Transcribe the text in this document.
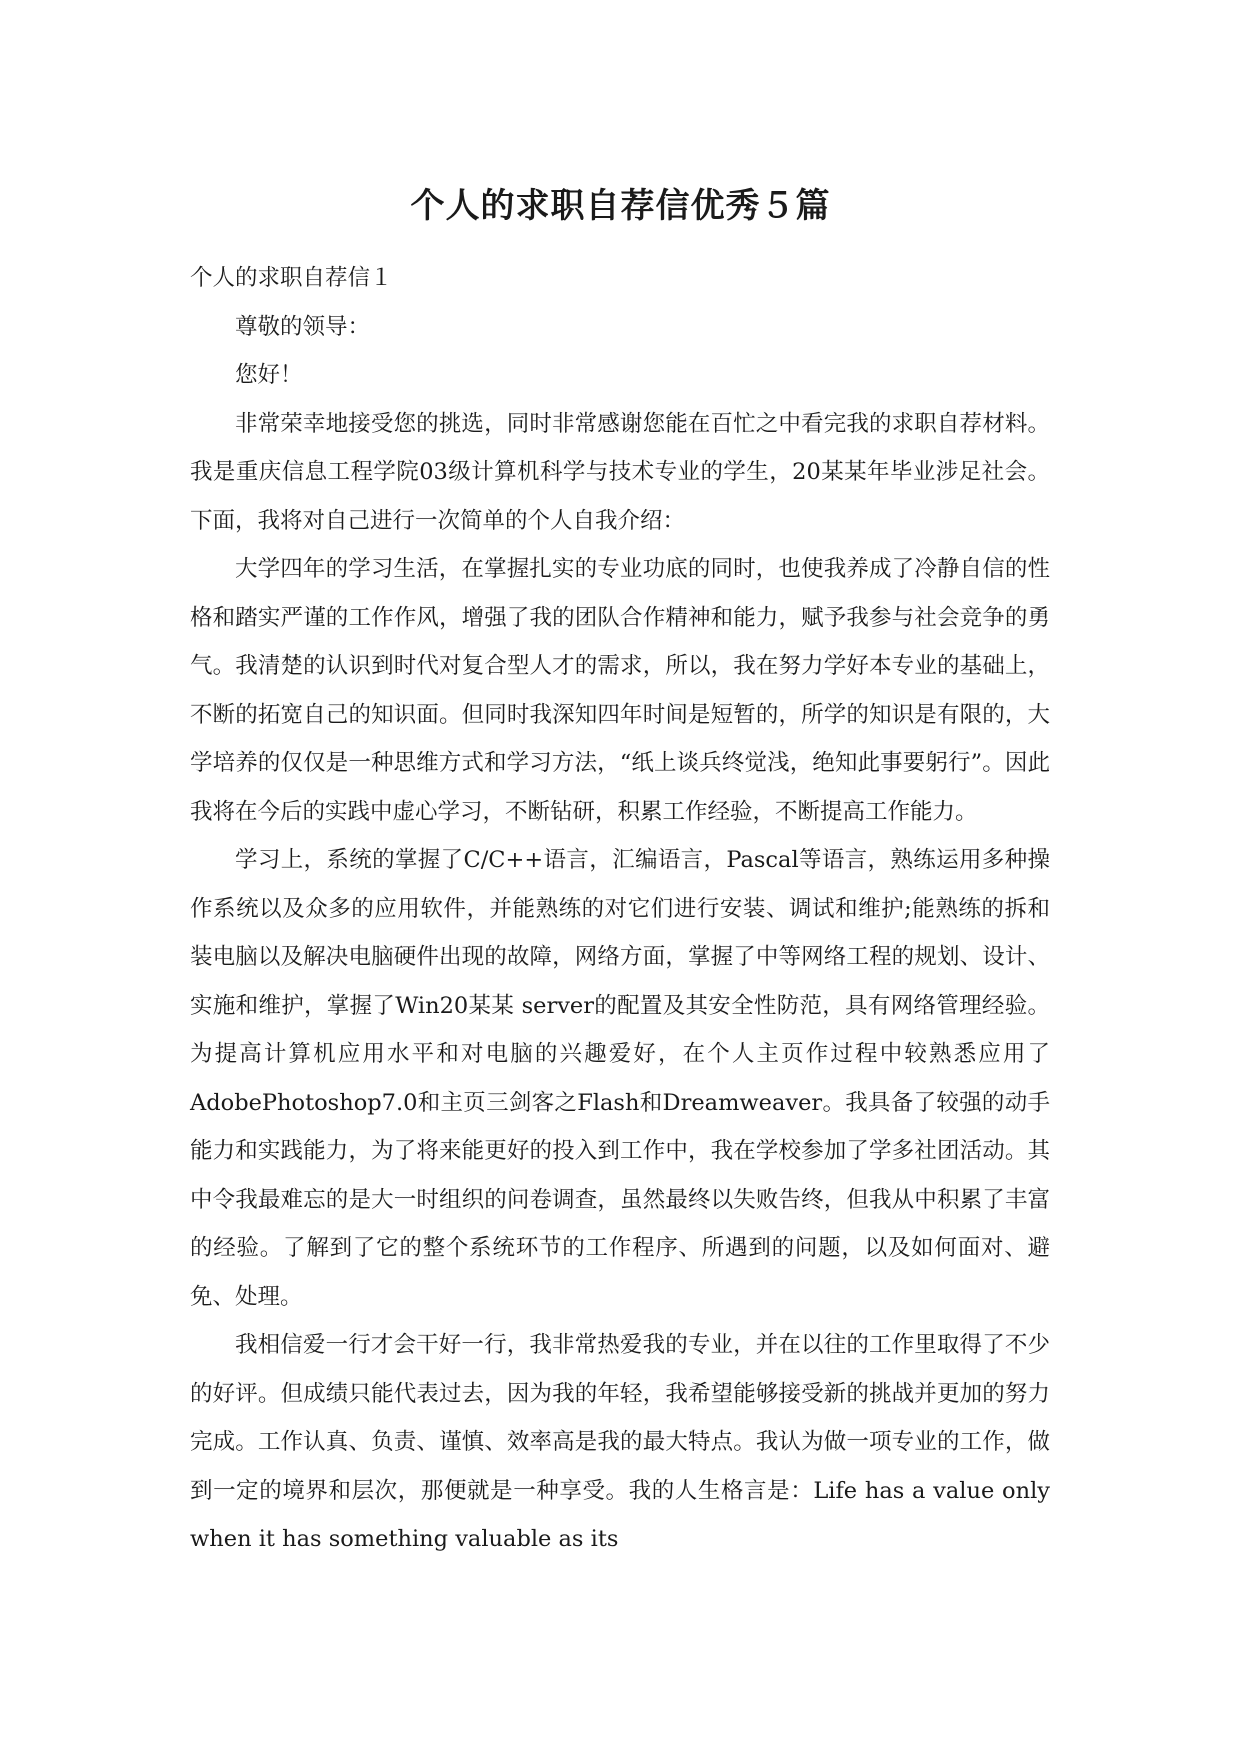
个人的求职自荐信优秀５篇

个人的求职自荐信１

尊敬的领导：

您好！

非常荣幸地接受您的挑选，同时非常感谢您能在百忙之中看完我的求职自荐材料。我是重庆信息工程学院03级计算机科学与技术专业的学生，20某某年毕业涉足社会。下面，我将对自己进行一次简单的个人自我介绍：

大学四年的学习生活，在掌握扎实的专业功底的同时，也使我养成了冷静自信的性格和踏实严谨的工作作风，增强了我的团队合作精神和能力，赋予我参与社会竞争的勇气。我清楚的认识到时代对复合型人才的需求，所以，我在努力学好本专业的基础上，不断的拓宽自己的知识面。但同时我深知四年时间是短暂的，所学的知识是有限的，大学培养的仅仅是一种思维方式和学习方法，“纸上谈兵终觉浅，绝知此事要躬行”。因此我将在今后的实践中虚心学习，不断钻研，积累工作经验，不断提高工作能力。

学习上，系统的掌握了C/C++语言，汇编语言，Pascal等语言，熟练运用多种操作系统以及众多的应用软件，并能熟练的对它们进行安装、调试和维护;能熟练的拆和装电脑以及解决电脑硬件出现的故障，网络方面，掌握了中等网络工程的规划、设计、实施和维护，掌握了Win20某某 server的配置及其安全性防范，具有网络管理经验。为提高计算机应用水平和对电脑的兴趣爱好，在个人主页作过程中较熟悉应用了AdobePhotoshop7.0和主页三剑客之Flash和Dreamweaver。我具备了较强的动手能力和实践能力，为了将来能更好的投入到工作中，我在学校参加了学多社团活动。其中令我最难忘的是大一时组织的问卷调查，虽然最终以失败告终，但我从中积累了丰富的经验。了解到了它的整个系统环节的工作程序、所遇到的问题，以及如何面对、避免、处理。

我相信爱一行才会干好一行，我非常热爱我的专业，并在以往的工作里取得了不少的好评。但成绩只能代表过去，因为我的年轻，我希望能够接受新的挑战并更加的努力完成。工作认真、负责、谨慎、效率高是我的最大特点。我认为做一项专业的工作，做到一定的境界和层次，那便就是一种享受。我的人生格言是：Life has a value only when it has something valuable as its
